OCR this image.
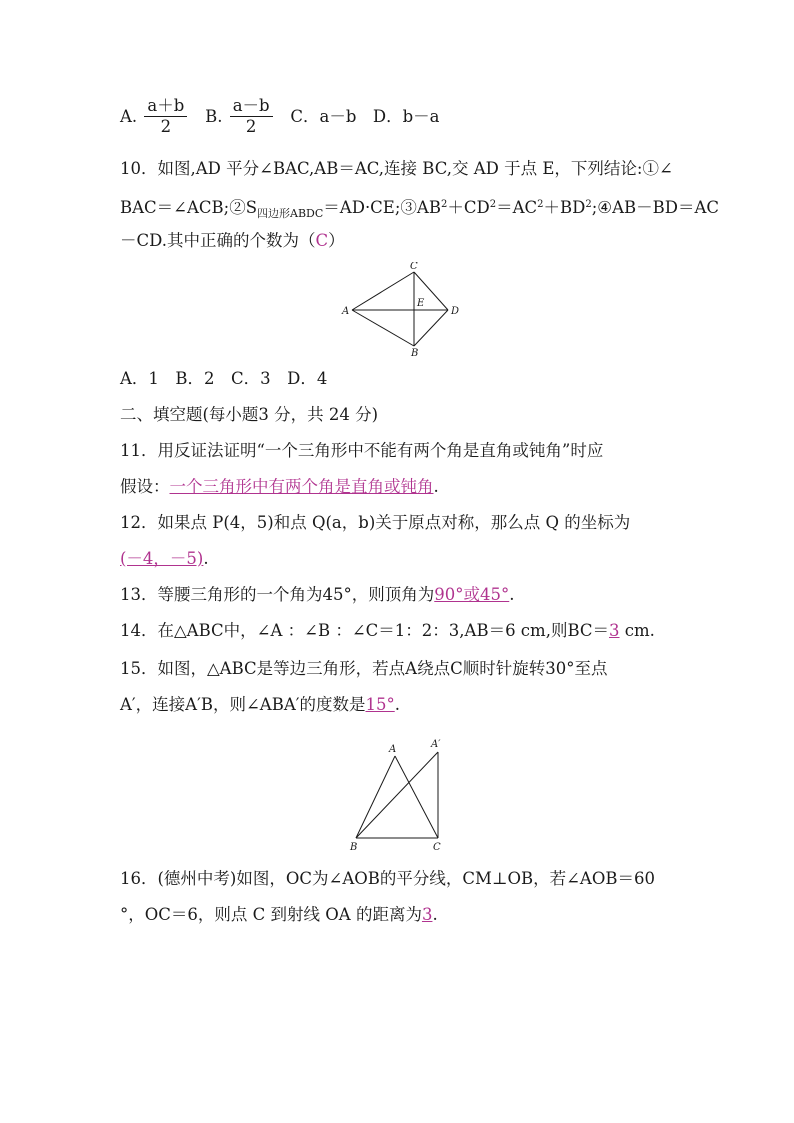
A. $\frac{a+b}{2} B$. $\frac{a-b}{2}$ C．a－b　D．b－a
10．如图,AD 平分∠BAC,AB＝AC,连接 BC,交 AD 于点 E，下列结论:①∠
$BAC=\angle ACB;②S_{四边形ABDC}=AD\cdot CE;③AB^2+CD^2=AC^2+BD^2;④AB-BD=AC$
－CD.其中正确的个数为（C）
C
A	D
E
B
A．1　B．2　C．3　D．4
二、填空题(每小题3 分，共 24 分)
11．用反证法证明“一个三角形中不能有两个角是直角或钝角”时应
假设：一个三角形中有两个角是直角或钝角.
12．如果点 P(4，5)和点 Q(a，b)关于原点对称，那么点 Q 的坐标为
(－4，－5).
13．等腰三角形的一个角为45°，则顶角为90°或45°.
14．在△ABC中，∠A ：∠B ：∠C＝1：2：3,AB＝6 cm,则BC＝3 cm.
15．如图，△ABC是等边三角形，若点A绕点C顺时针旋转30°至点
A′，连接A′B，则∠ABA′的度数是15°.
A	A′
B	C
16．(德州中考)如图，OC为∠AOB的平分线，CM⊥OB，若∠AOB＝60
°，OC＝6，则点 C 到射线 OA 的距离为3.
